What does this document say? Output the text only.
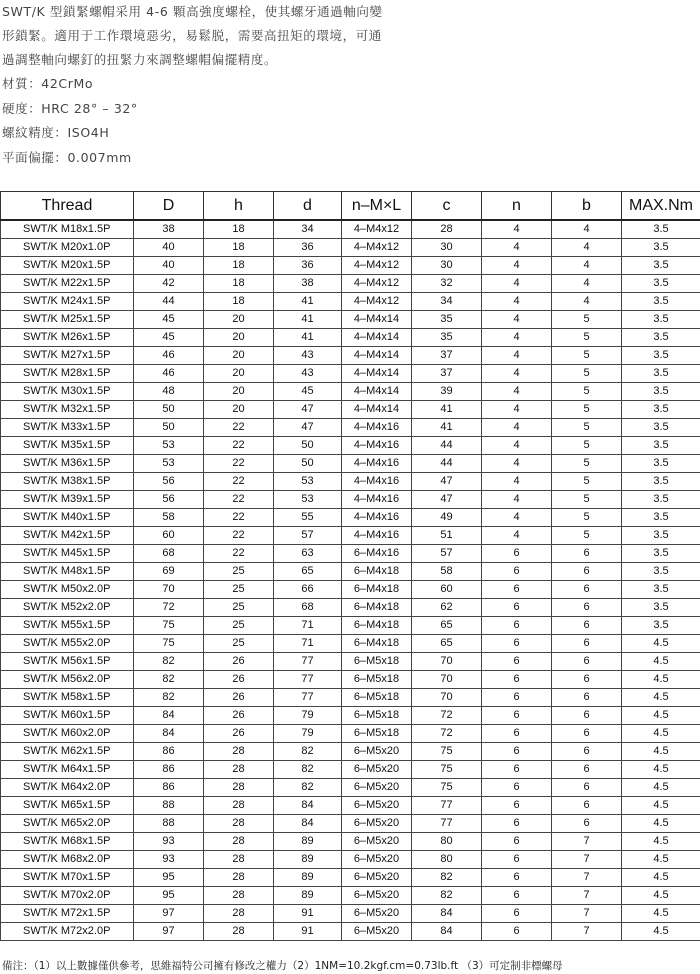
SWT/K 型鎖緊螺帽采用 4-6 顆高強度螺栓，使其螺牙通過軸向變

形鎖緊。適用于工作環境惡劣，易鬆脱，需要高扭矩的環境，可通

過調整軸向螺釘的扭緊力來調整螺帽偏擺精度。

材質：42CrMo

硬度：HRC 28° – 32°

螺紋精度：ISO4H

平面偏擺：0.007mm

Thread	D	h	d	n–M×L	c	n	b	MAX.Nm
SWT/K M18x1.5P	38	18	34	4–M4x12	28	4	4	3.5
SWT/K M20x1.0P	40	18	36	4–M4x12	30	4	4	3.5
SWT/K M20x1.5P	40	18	36	4–M4x12	30	4	4	3.5
SWT/K M22x1.5P	42	18	38	4–M4x12	32	4	4	3.5
SWT/K M24x1.5P	44	18	41	4–M4x12	34	4	4	3.5
SWT/K M25x1.5P	45	20	41	4–M4x14	35	4	5	3.5
SWT/K M26x1.5P	45	20	41	4–M4x14	35	4	5	3.5
SWT/K M27x1.5P	46	20	43	4–M4x14	37	4	5	3.5
SWT/K M28x1.5P	46	20	43	4–M4x14	37	4	5	3.5
SWT/K M30x1.5P	48	20	45	4–M4x14	39	4	5	3.5
SWT/K M32x1.5P	50	20	47	4–M4x14	41	4	5	3.5
SWT/K M33x1.5P	50	22	47	4–M4x16	41	4	5	3.5
SWT/K M35x1.5P	53	22	50	4–M4x16	44	4	5	3.5
SWT/K M36x1.5P	53	22	50	4–M4x16	44	4	5	3.5
SWT/K M38x1.5P	56	22	53	4–M4x16	47	4	5	3.5
SWT/K M39x1.5P	56	22	53	4–M4x16	47	4	5	3.5
SWT/K M40x1.5P	58	22	55	4–M4x16	49	4	5	3.5
SWT/K M42x1.5P	60	22	57	4–M4x16	51	4	5	3.5
SWT/K M45x1.5P	68	22	63	6–M4x16	57	6	6	3.5
SWT/K M48x1.5P	69	25	65	6–M4x18	58	6	6	3.5
SWT/K M50x2.0P	70	25	66	6–M4x18	60	6	6	3.5
SWT/K M52x2.0P	72	25	68	6–M4x18	62	6	6	3.5
SWT/K M55x1.5P	75	25	71	6–M4x18	65	6	6	3.5
SWT/K M55x2.0P	75	25	71	6–M4x18	65	6	6	4.5
SWT/K M56x1.5P	82	26	77	6–M5x18	70	6	6	4.5
SWT/K M56x2.0P	82	26	77	6–M5x18	70	6	6	4.5
SWT/K M58x1.5P	82	26	77	6–M5x18	70	6	6	4.5
SWT/K M60x1.5P	84	26	79	6–M5x18	72	6	6	4.5
SWT/K M60x2.0P	84	26	79	6–M5x18	72	6	6	4.5
SWT/K M62x1.5P	86	28	82	6–M5x20	75	6	6	4.5
SWT/K M64x1.5P	86	28	82	6–M5x20	75	6	6	4.5
SWT/K M64x2.0P	86	28	82	6–M5x20	75	6	6	4.5
SWT/K M65x1.5P	88	28	84	6–M5x20	77	6	6	4.5
SWT/K M65x2.0P	88	28	84	6–M5x20	77	6	6	4.5
SWT/K M68x1.5P	93	28	89	6–M5x20	80	6	7	4.5
SWT/K M68x2.0P	93	28	89	6–M5x20	80	6	7	4.5
SWT/K M70x1.5P	95	28	89	6–M5x20	82	6	7	4.5
SWT/K M70x2.0P	95	28	89	6–M5x20	82	6	7	4.5
SWT/K M72x1.5P	97	28	91	6–M5x20	84	6	7	4.5
SWT/K M72x2.0P	97	28	91	6–M5x20	84	6	7	4.5
備注：（1）以上數據僅供參考，思維福特公司擁有修改之權力（2）1NM=10.2kgf.cm=0.73lb.ft （3）可定制非標螺母
